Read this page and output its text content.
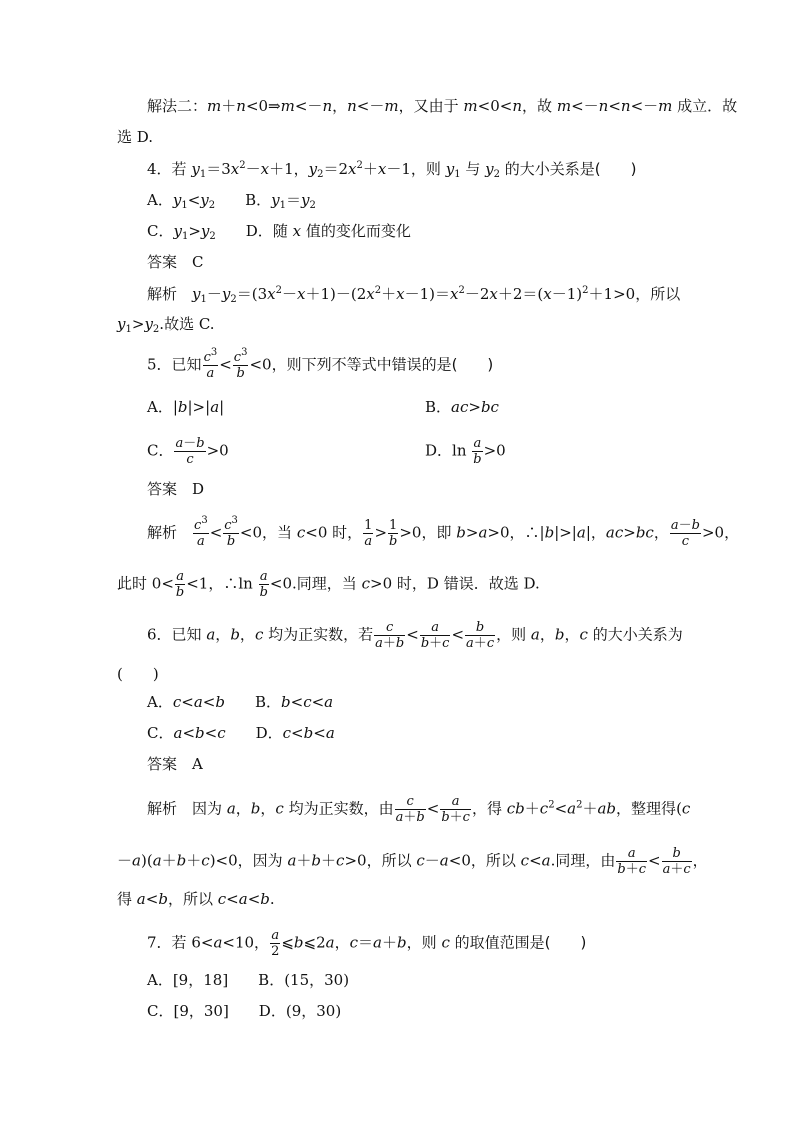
解法二：m＋n<0⇒m<－n，n<－m，又由于 m<0<n，故 m<－n<n<－m 成立．故
选 D.
4．若 $y_1=3x^2-x+1$，$y_2=2x^2+x-1$，则 $y_1$ 与 $y_2$ 的大小关系是(　　)
A．$y_1<y_2$　　B．$y_1=y_2$
C．$y_1>y_2$　　D．随 x 值的变化而变化
答案　C
解析　 $y_1-y_2=(3x^2-x+1)-(2x^2+x-1)=x^2-2x+2=(x-1)^2+1>0$，所以
$y_1>y_2$.故选 C.
5．已知 $\frac{c^3}{a} < \frac{c^3}{b} <0$，则下列不等式中错误的是(　　)
A．|b|>|a|	B．ac>bc
C． $\frac{a-b}{c} >0$	D．$\ln \frac{a}{b} >0$
答案　D
解析　 $\frac{c^3}{a} < \frac{c^3}{b} <0$，当 c<0 时， $\frac{1}{a} > \frac{1}{b} >0$，即 b>a>0，∴|b|>|a|，ac>bc， $\frac{a-b}{c} >0$，
此时 $0< \frac{a}{b} <1$，∴ln $\frac{a}{b} <0$.同理，当 c>0 时，D 错误．故选 D.
6．已知 a，b，c 均为正实数，若 $\frac{c}{a+b} < \frac{a}{b+c} < \frac{b}{a+c}$ ，则 a，b，c 的大小关系为
(　　)
A．c<a<b　　B．b<c<a
C．a<b<c　　D．c<b<a
答案　A
解析　 因为 a，b，c 均为正实数，由 $\frac{c}{a+b} < \frac{a}{b+c}$ ，得 $cb+c^2<a^2+ab$，整理得(c
－a)(a＋b＋c)<0，因为 a＋b＋c>0，所以 c－a<0，所以 c<a.同理，由 $\frac{a}{b+c} < \frac{b}{a+c}$ ，
得 a<b，所以 c<a<b.
7．若 6<a<10， $\frac{a}{2}$ ⩽b⩽2a，c＝a＋b，则 c 的取值范围是(　　)
A．[9，18]　　B．(15，30)
C．[9，30]　　D．(9，30)
